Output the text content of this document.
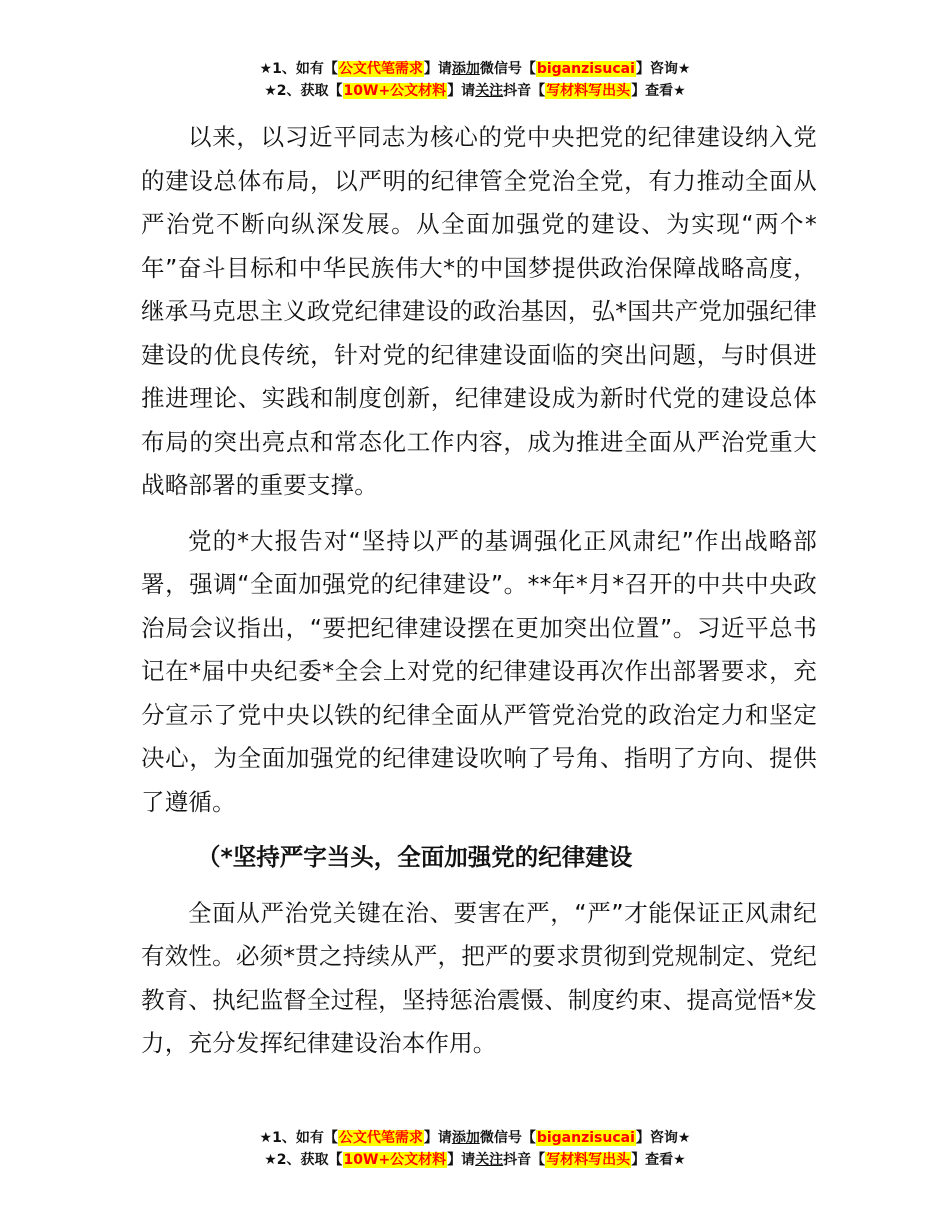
★1、如有【公文代笔需求】请添加微信号【biganzisucai】咨询★
★2、获取【10W+公文材料】请关注抖音【写材料写出头】查看★

以来，以习近平同志为核心的党中央把党的纪律建设纳入党的建设总体布局，以严明的纪律管全党治全党，有力推动全面从严治党不断向纵深发展。从全面加强党的建设、为实现“两个*年”奋斗目标和中华民族伟大*的中国梦提供政治保障战略高度，继承马克思主义政党纪律建设的政治基因，弘*国共产党加强纪律建设的优良传统，针对党的纪律建设面临的突出问题，与时俱进推进理论、实践和制度创新，纪律建设成为新时代党的建设总体布局的突出亮点和常态化工作内容，成为推进全面从严治党重大战略部署的重要支撑。

党的*大报告对“坚持以严的基调强化正风肃纪”作出战略部署，强调“全面加强党的纪律建设”。**年*月*召开的中共中央政治局会议指出，“要把纪律建设摆在更加突出位置”。习近平总书记在*届中央纪委*全会上对党的纪律建设再次作出部署要求，充分宣示了党中央以铁的纪律全面从严管党治党的政治定力和坚定决心，为全面加强党的纪律建设吹响了号角、指明了方向、提供了遵循。

（*坚持严字当头，全面加强党的纪律建设

全面从严治党关键在治、要害在严，“严”才能保证正风肃纪有效性。必须*贯之持续从严，把严的要求贯彻到党规制定、党纪教育、执纪监督全过程，坚持惩治震慑、制度约束、提高觉悟*发力，充分发挥纪律建设治本作用。

★1、如有【公文代笔需求】请添加微信号【biganzisucai】咨询★
★2、获取【10W+公文材料】请关注抖音【写材料写出头】查看★
